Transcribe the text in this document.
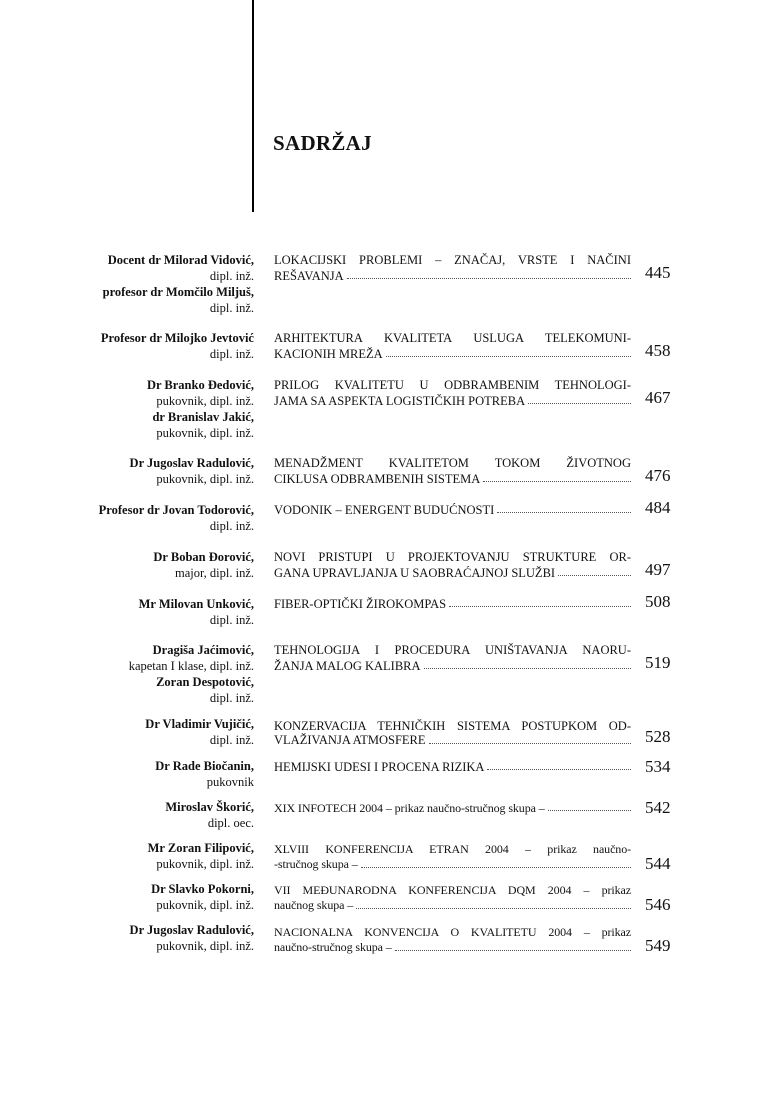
SADRŽAJ
Docent dr Milorad Vidović,
dipl. inž.
profesor dr Momčilo Miljuš,
dipl. inž.
LOKACIJSKI PROBLEMI – ZNAČAJ, VRSTE I NAČINI
REŠAVANJA	445
Profesor dr Milojko Jevtović
dipl. inž.
ARHITEKTURA KVALITETA USLUGA TELEKOMUNI-
KACIONIH MREŽA	458
Dr Branko Đedović,
pukovnik, dipl. inž.
dr Branislav Jakić,
pukovnik, dipl. inž.
PRILOG KVALITETU U ODBRAMBENIM TEHNOLOGI-
JAMA SA ASPEKTA LOGISTIČKIH POTREBA	467
Dr Jugoslav Radulović,
pukovnik, dipl. inž.
MENADŽMENT KVALITETOM TOKOM ŽIVOTNOG
CIKLUSA ODBRAMBENIH SISTEMA	476
Profesor dr Jovan Todorović,
dipl. inž.
VODONIK – ENERGENT BUDUĆNOSTI	484
Dr Boban Đorović,
major, dipl. inž.
NOVI PRISTUPI U PROJEKTOVANJU STRUKTURE OR-
GANA UPRAVLJANJA U SAOBRAĆAJNOJ SLUŽBI	497
Mr Milovan Unković,
dipl. inž.
FIBER-OPTIČKI ŽIROKOMPAS	508
Dragiša Jaćimović,
kapetan I klase, dipl. inž.
Zoran Despotović,
dipl. inž.
TEHNOLOGIJA I PROCEDURA UNIŠTAVANJA NAORU-
ŽANJA MALOG KALIBRA	519
Dr Vladimir Vujičić,
dipl. inž.
KONZERVACIJA TEHNIČKIH SISTEMA POSTUPKOM OD-
VLAŽIVANJA ATMOSFERE	528
Dr Rade Biočanin,
pukovnik
HEMIJSKI UDESI I PROCENA RIZIKA	534
Miroslav Škorić,
dipl. oec.
XIX INFOTECH 2004 – prikaz naučno-stručnog skupa –	542
Mr Zoran Filipović,
pukovnik, dipl. inž.
XLVIII KONFERENCIJA ETRAN 2004 – prikaz naučno-
-stručnog skupa –	544
Dr Slavko Pokorni,
pukovnik, dipl. inž.
VII MEĐUNARODNA KONFERENCIJA DQM 2004 – prikaz
naučnog skupa –	546
Dr Jugoslav Radulović,
pukovnik, dipl. inž.
NACIONALNA KONVENCIJA O KVALITETU 2004 – prikaz
naučno-stručnog skupa –	549
